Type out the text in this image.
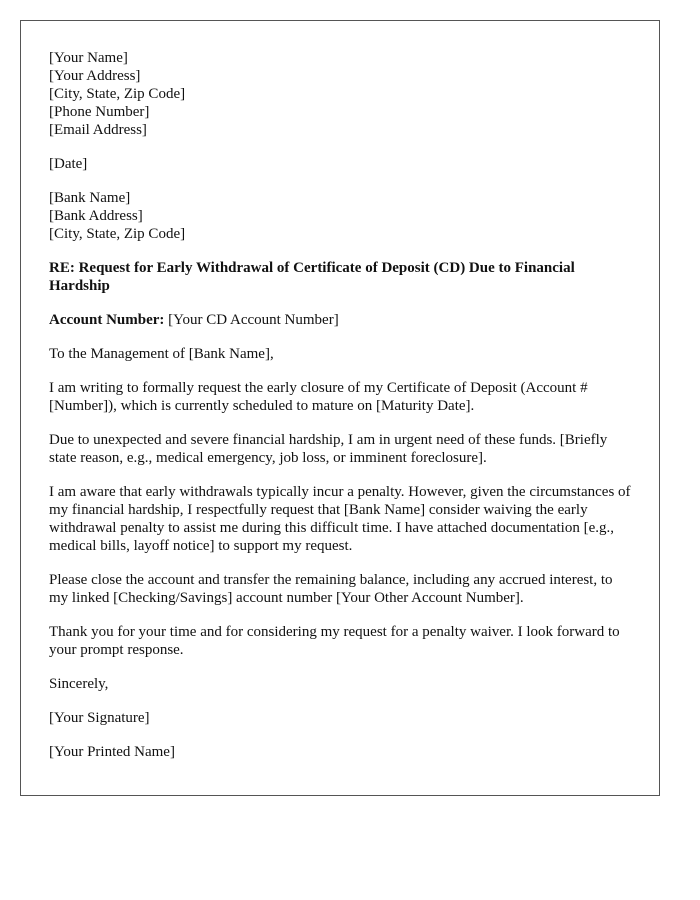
[Your Name]
[Your Address]
[City, State, Zip Code]
[Phone Number]
[Email Address]
[Date]
[Bank Name]
[Bank Address]
[City, State, Zip Code]
RE: Request for Early Withdrawal of Certificate of Deposit (CD) Due to Financial Hardship
Account Number: [Your CD Account Number]
To the Management of [Bank Name],
I am writing to formally request the early closure of my Certificate of Deposit (Account # [Number]), which is currently scheduled to mature on [Maturity Date].
Due to unexpected and severe financial hardship, I am in urgent need of these funds. [Briefly state reason, e.g., medical emergency, job loss, or imminent foreclosure].
I am aware that early withdrawals typically incur a penalty. However, given the circumstances of my financial hardship, I respectfully request that [Bank Name] consider waiving the early withdrawal penalty to assist me during this difficult time. I have attached documentation [e.g., medical bills, layoff notice] to support my request.
Please close the account and transfer the remaining balance, including any accrued interest, to my linked [Checking/Savings] account number [Your Other Account Number].
Thank you for your time and for considering my request for a penalty waiver. I look forward to your prompt response.
Sincerely,
[Your Signature]
[Your Printed Name]
